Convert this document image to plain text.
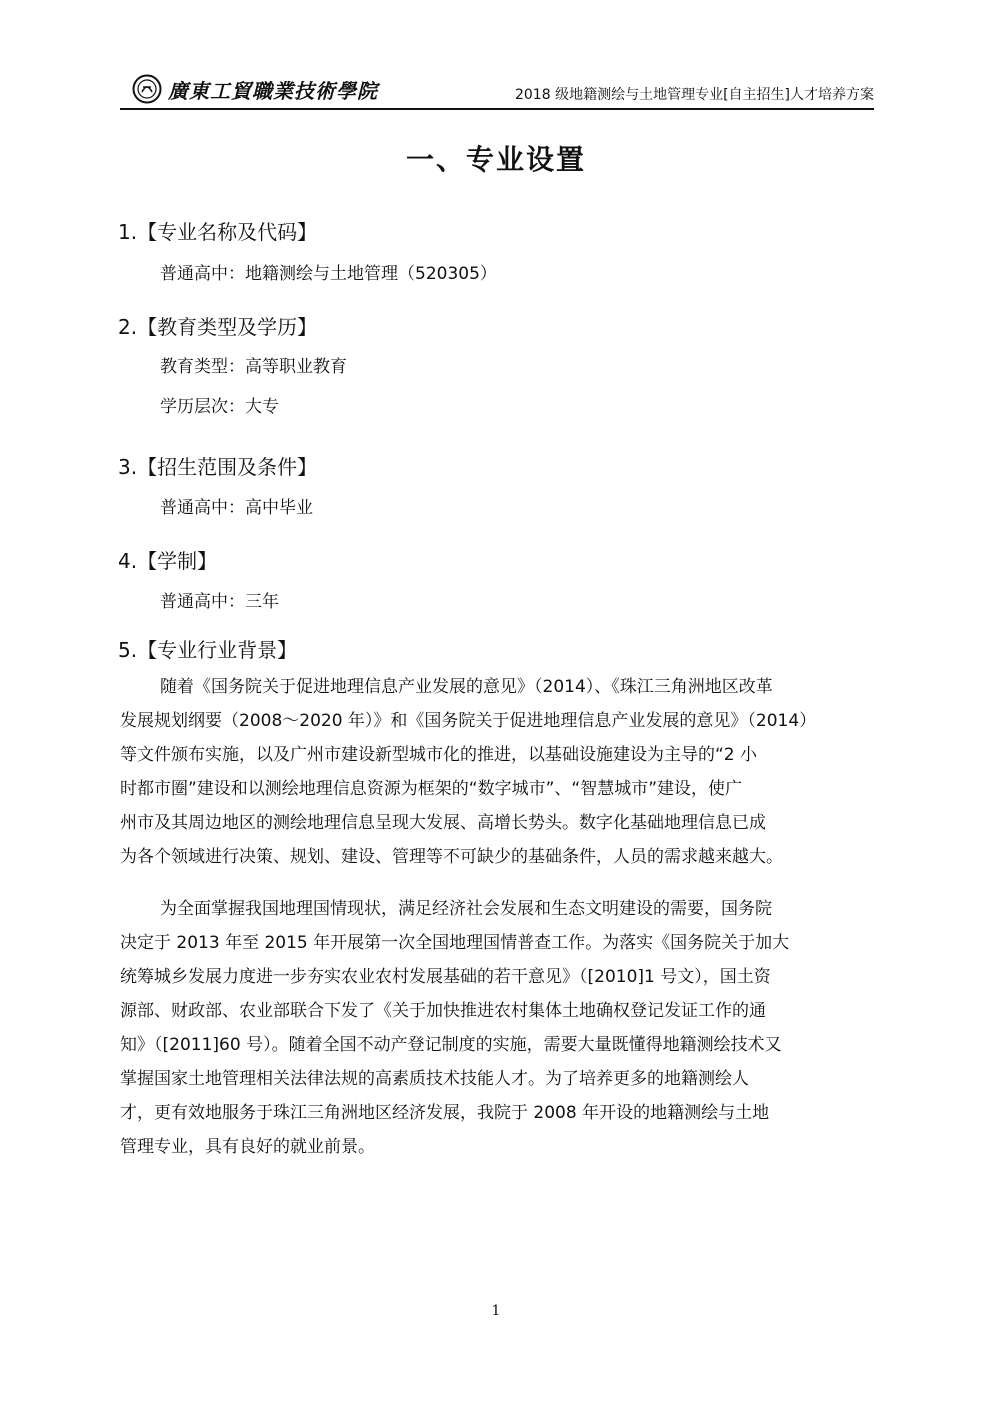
廣東工貿職業技術學院	2018 级地籍测绘与土地管理专业[自主招生]人才培养方案
一、专业设置
1.【专业名称及代码】
普通高中：地籍测绘与土地管理（520305）
2.【教育类型及学历】
教育类型：高等职业教育
学历层次：大专
3.【招生范围及条件】
普通高中：高中毕业
4.【学制】
普通高中：三年
5.【专业行业背景】
随着《国务院关于促进地理信息产业发展的意见》（2014）、《珠江三角洲地区改革
发展规划纲要（2008～2020 年）》和《国务院关于促进地理信息产业发展的意见》（2014）
等文件颁布实施，以及广州市建设新型城市化的推进，以基础设施建设为主导的“2 小
时都市圈”建设和以测绘地理信息资源为框架的“数字城市”、“智慧城市”建设，使广
州市及其周边地区的测绘地理信息呈现大发展、高增长势头。数字化基础地理信息已成
为各个领域进行决策、规划、建设、管理等不可缺少的基础条件，人员的需求越来越大。
为全面掌握我国地理国情现状，满足经济社会发展和生态文明建设的需要，国务院
决定于 2013 年至 2015 年开展第一次全国地理国情普查工作。为落实《国务院关于加大
统筹城乡发展力度进一步夯实农业农村发展基础的若干意见》（[2010]1 号文），国土资
源部、财政部、农业部联合下发了《关于加快推进农村集体土地确权登记发证工作的通
知》（[2011]60 号）。随着全国不动产登记制度的实施，需要大量既懂得地籍测绘技术又
掌握国家土地管理相关法律法规的高素质技术技能人才。为了培养更多的地籍测绘人
才，更有效地服务于珠江三角洲地区经济发展，我院于 2008 年开设的地籍测绘与土地
管理专业，具有良好的就业前景。
1
